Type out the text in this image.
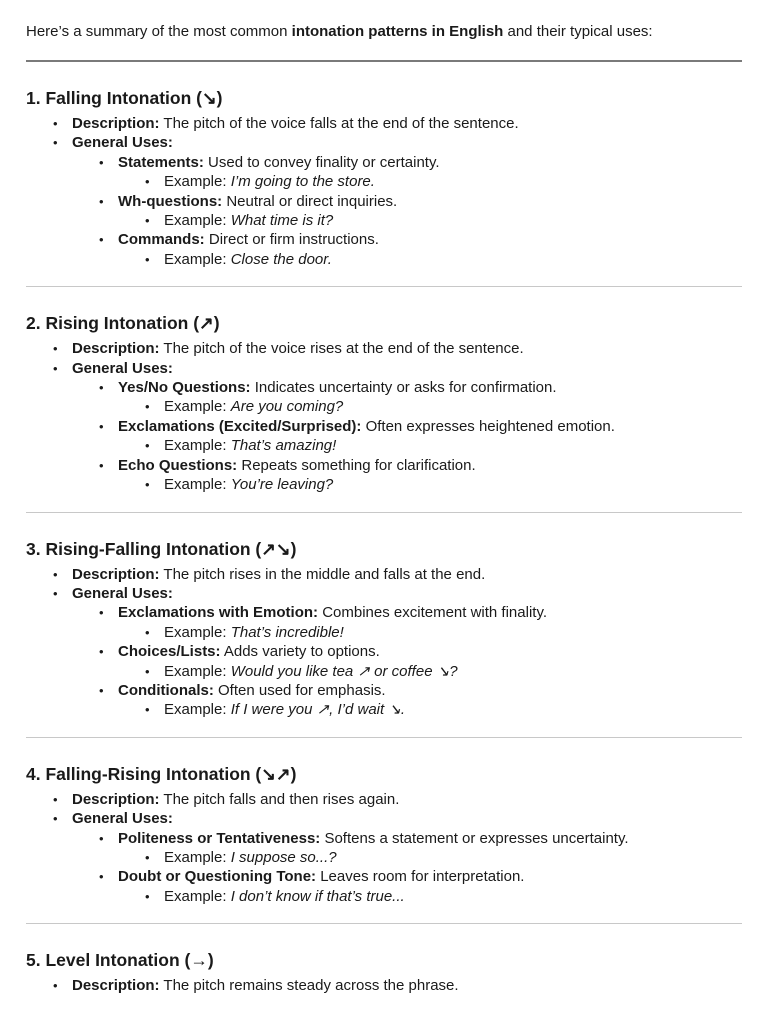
Here’s a summary of the most common intonation patterns in English and their typical uses:

1. Falling Intonation (↘)
• Description: The pitch of the voice falls at the end of the sentence.
• General Uses:
• Statements: Used to convey finality or certainty.
• Example: I’m going to the store.
• Wh-questions: Neutral or direct inquiries.
• Example: What time is it?
• Commands: Direct or firm instructions.
• Example: Close the door.
2. Rising Intonation (↗)
• Description: The pitch of the voice rises at the end of the sentence.
• General Uses:
• Yes/No Questions: Indicates uncertainty or asks for confirmation.
• Example: Are you coming?
• Exclamations (Excited/Surprised): Often expresses heightened emotion.
• Example: That’s amazing!
• Echo Questions: Repeats something for clarification.
• Example: You’re leaving?
3. Rising-Falling Intonation (↗↘)
• Description: The pitch rises in the middle and falls at the end.
• General Uses:
• Exclamations with Emotion: Combines excitement with finality.
• Example: That’s incredible!
• Choices/Lists: Adds variety to options.
• Example: Would you like tea ↗ or coffee ↘?
• Conditionals: Often used for emphasis.
• Example: If I were you ↗, I’d wait ↘.
4. Falling-Rising Intonation (↘↗)
• Description: The pitch falls and then rises again.
• General Uses:
• Politeness or Tentativeness: Softens a statement or expresses uncertainty.
• Example: I suppose so...?
• Doubt or Questioning Tone: Leaves room for interpretation.
• Example: I don’t know if that’s true...
5. Level Intonation (→)
• Description: The pitch remains steady across the phrase.
